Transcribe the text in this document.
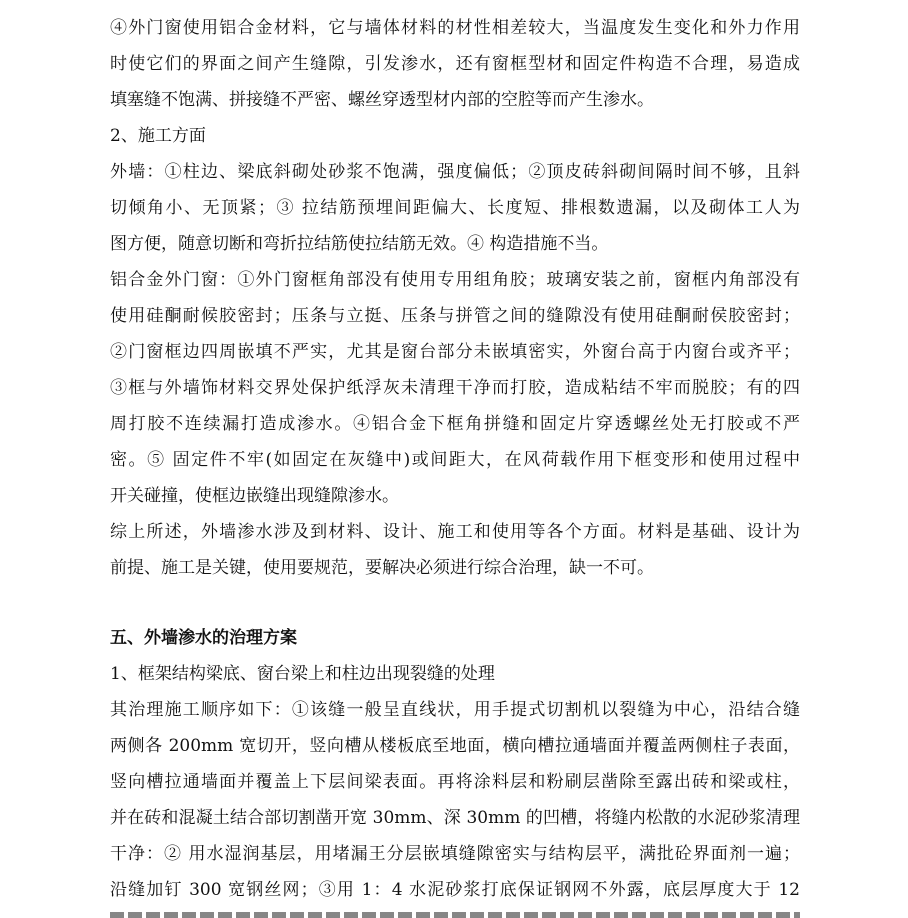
④外门窗使用铝合金材料，它与墙体材料的材性相差较大，当温度发生变化和外力作用
时使它们的界面之间产生缝隙，引发渗水，还有窗框型材和固定件构造不合理，易造成
填塞缝不饱满、拼接缝不严密、螺丝穿透型材内部的空腔等而产生渗水。
2、施工方面
外墙：①柱边、梁底斜砌处砂浆不饱满，强度偏低；②顶皮砖斜砌间隔时间不够，且斜
切倾角小、无顶紧；③ 拉结筋预埋间距偏大、长度短、排根数遗漏，以及砌体工人为
图方便，随意切断和弯折拉结筋使拉结筋无效。④ 构造措施不当。
铝合金外门窗：①外门窗框角部没有使用专用组角胶；玻璃安装之前，窗框内角部没有
使用硅酮耐候胶密封；压条与立挺、压条与拼管之间的缝隙没有使用硅酮耐侯胶密封；
②门窗框边四周嵌填不严实，尤其是窗台部分未嵌填密实，外窗台高于内窗台或齐平；
③框与外墙饰材料交界处保护纸浮灰未清理干净而打胶，造成粘结不牢而脱胶；有的四
周打胶不连续漏打造成渗水。④铝合金下框角拼缝和固定片穿透螺丝处无打胶或不严
密。⑤ 固定件不牢(如固定在灰缝中)或间距大，在风荷载作用下框变形和使用过程中
开关碰撞，使框边嵌缝出现缝隙渗水。
综上所述，外墙渗水涉及到材料、设计、施工和使用等各个方面。材料是基础、设计为
前提、施工是关键，使用要规范，要解决必须进行综合治理，缺一不可。
五、外墙渗水的治理方案
1、框架结构梁底、窗台梁上和柱边出现裂缝的处理
其治理施工顺序如下：①该缝一般呈直线状，用手提式切割机以裂缝为中心，沿结合缝
两侧各 200mm 宽切开，竖向槽从楼板底至地面，横向槽拉通墙面并覆盖两侧柱子表面，
竖向槽拉通墙面并覆盖上下层间梁表面。再将涂料层和粉刷层凿除至露出砖和梁或柱，
并在砖和混凝土结合部切割凿开宽 30mm、深 30mm 的凹槽，将缝内松散的水泥砂浆清理
干净：② 用水湿润基层，用堵漏王分层嵌填缝隙密实与结构层平，满批砼界面剂一遍；
沿缝加钉 300 宽钢丝网；③用 1：4 水泥砂浆打底保证钢网不外露，底层厚度大于 12
